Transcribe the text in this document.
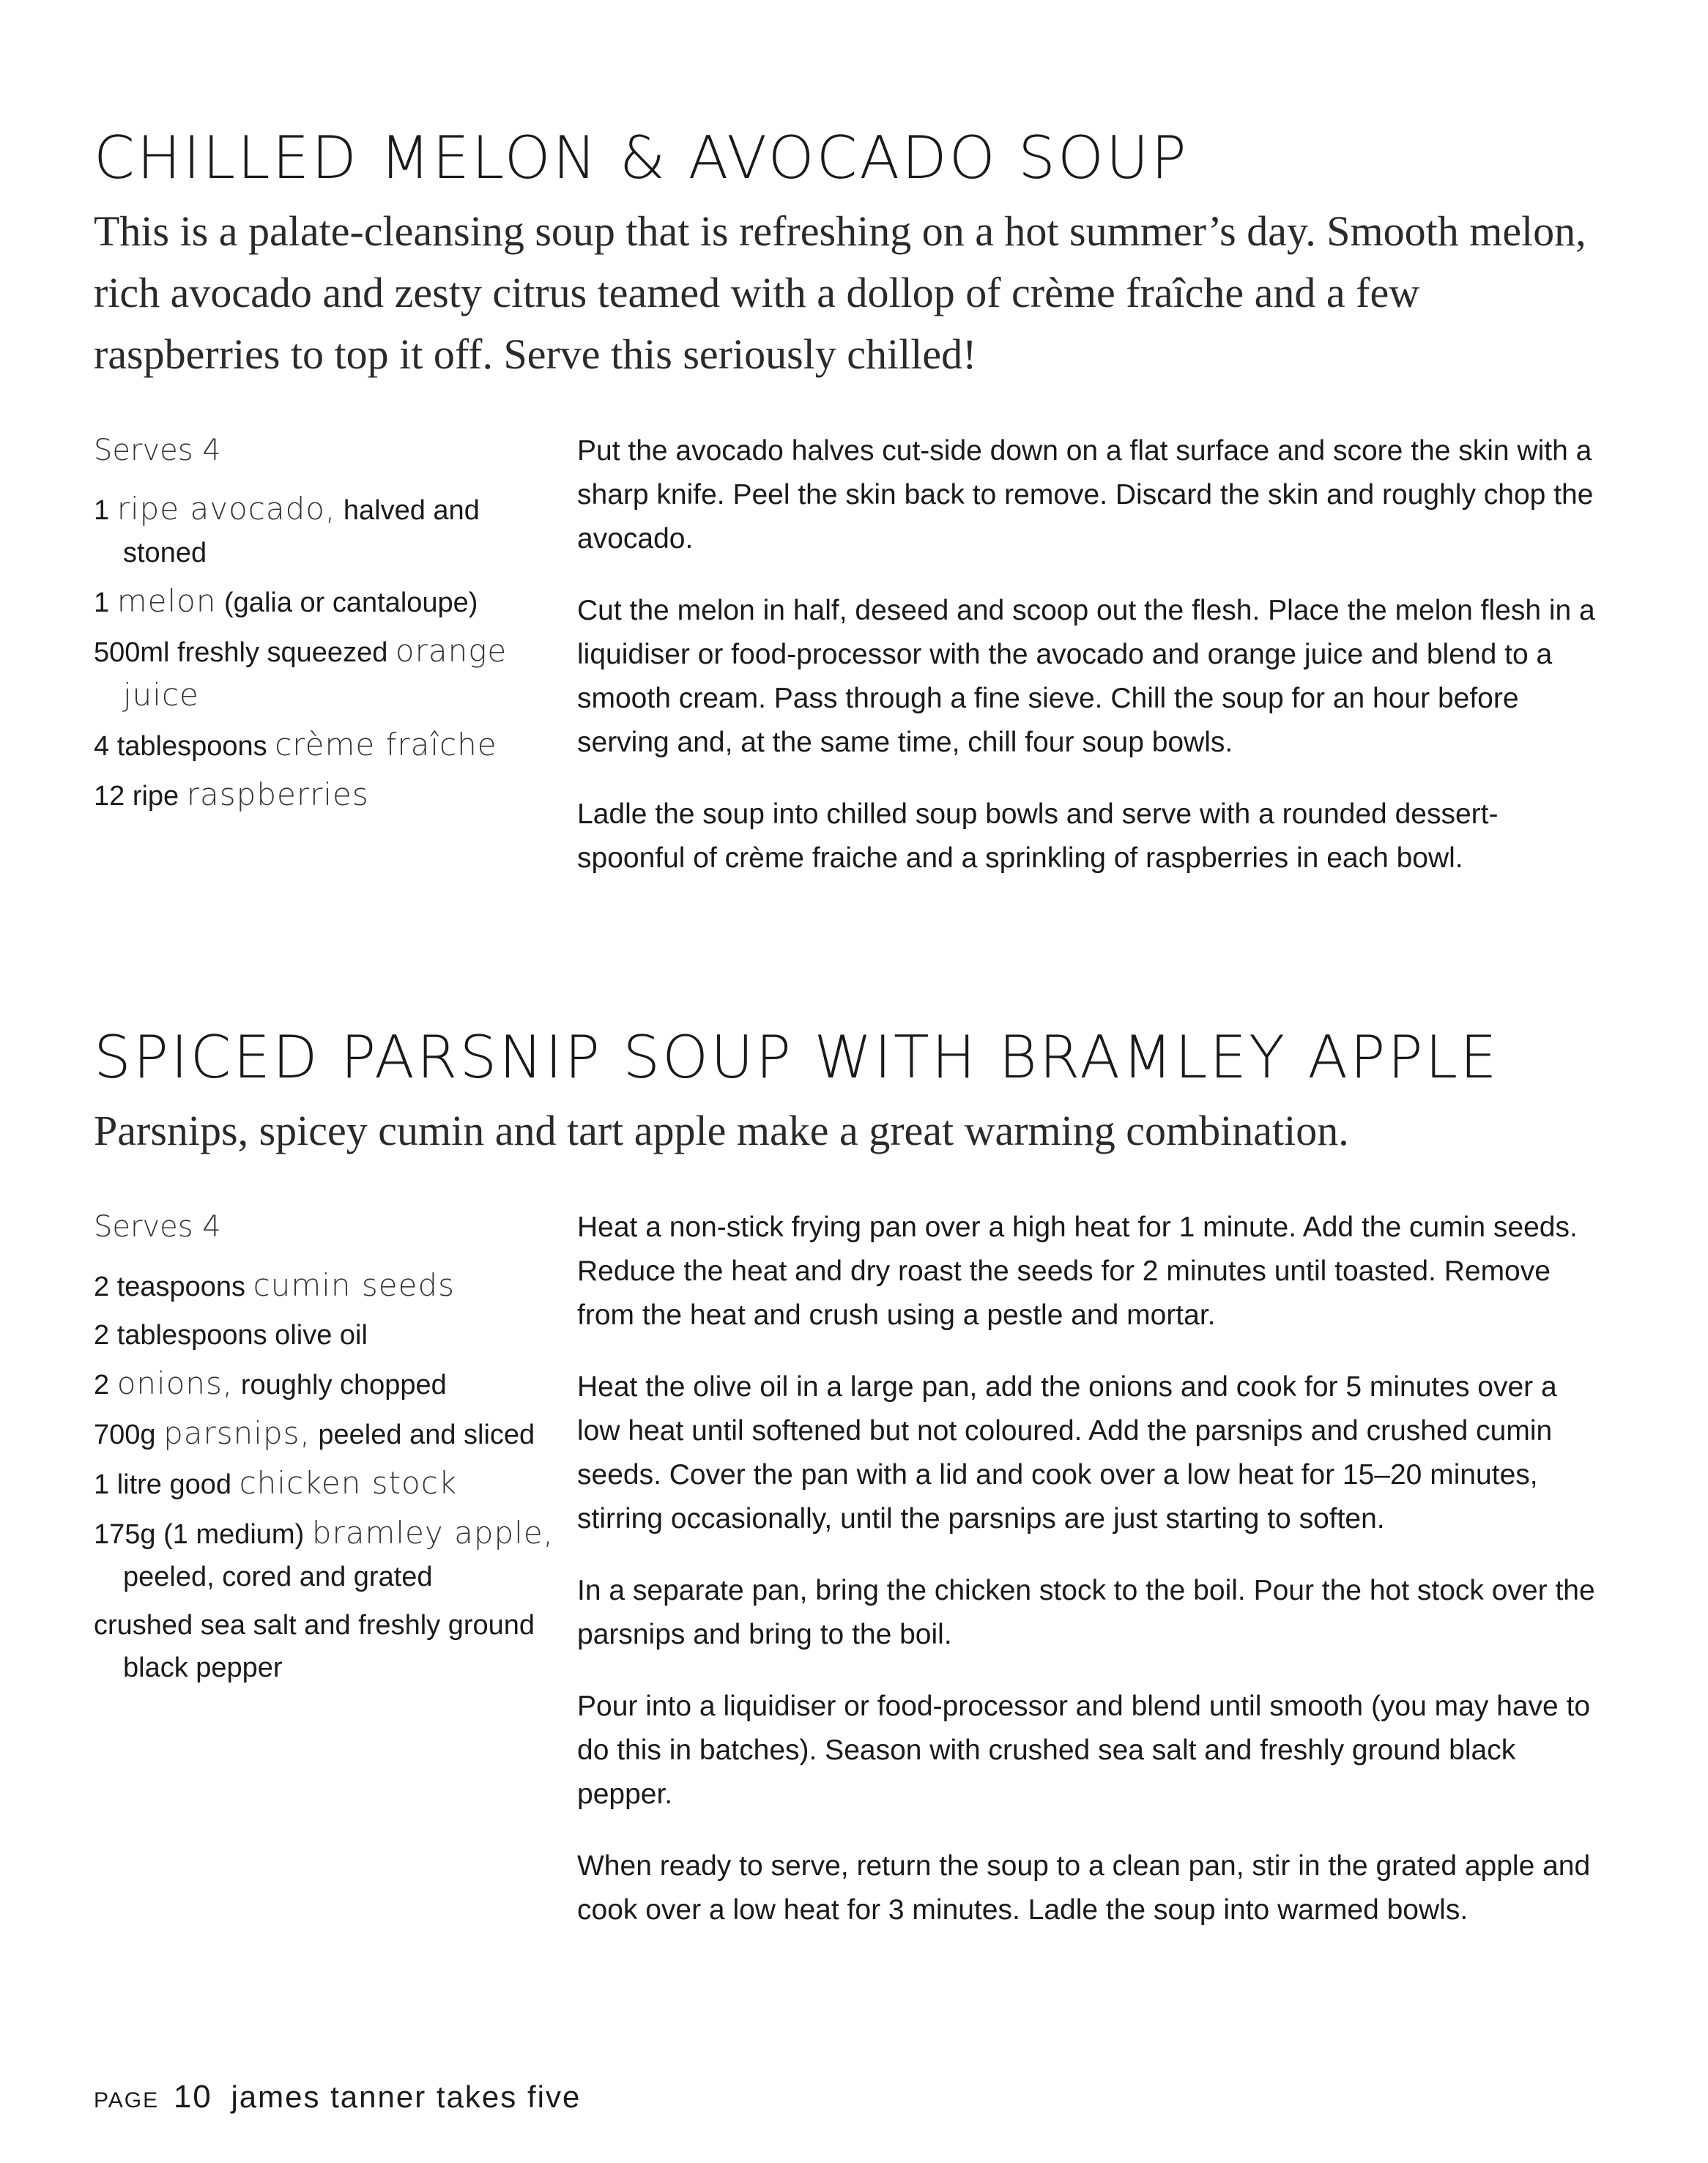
CHILLED MELON & AVOCADO SOUP

This is a palate-cleansing soup that is refreshing on a hot summer’s day. Smooth melon, rich avocado and zesty citrus teamed with a dollop of crème fraîche and a few raspberries to top it off. Serve this seriously chilled!

Serves 4
1 ripe avocado, halved and stoned
1 melon (galia or cantaloupe)
500ml freshly squeezed orange juice
4 tablespoons crème fraîche
12 ripe raspberries

Put the avocado halves cut-side down on a flat surface and score the skin with a sharp knife. Peel the skin back to remove. Discard the skin and roughly chop the avocado.

Cut the melon in half, deseed and scoop out the flesh. Place the melon flesh in a liquidiser or food-processor with the avocado and orange juice and blend to a smooth cream. Pass through a fine sieve. Chill the soup for an hour before serving and, at the same time, chill four soup bowls.

Ladle the soup into chilled soup bowls and serve with a rounded dessert-spoonful of crème fraiche and a sprinkling of raspberries in each bowl.

SPICED PARSNIP SOUP WITH BRAMLEY APPLE

Parsnips, spicey cumin and tart apple make a great warming combination.

Serves 4
2 teaspoons cumin seeds
2 tablespoons olive oil
2 onions, roughly chopped
700g parsnips, peeled and sliced
1 litre good chicken stock
175g (1 medium) bramley apple, peeled, cored and grated
crushed sea salt and freshly ground black pepper

Heat a non-stick frying pan over a high heat for 1 minute. Add the cumin seeds. Reduce the heat and dry roast the seeds for 2 minutes until toasted. Remove from the heat and crush using a pestle and mortar.

Heat the olive oil in a large pan, add the onions and cook for 5 minutes over a low heat until softened but not coloured. Add the parsnips and crushed cumin seeds. Cover the pan with a lid and cook over a low heat for 15–20 minutes, stirring occasionally, until the parsnips are just starting to soften.

In a separate pan, bring the chicken stock to the boil. Pour the hot stock over the parsnips and bring to the boil.

Pour into a liquidiser or food-processor and blend until smooth (you may have to do this in batches). Season with crushed sea salt and freshly ground black pepper.

When ready to serve, return the soup to a clean pan, stir in the grated apple and cook over a low heat for 3 minutes. Ladle the soup into warmed bowls.

PAGE 10 james tanner takes five
